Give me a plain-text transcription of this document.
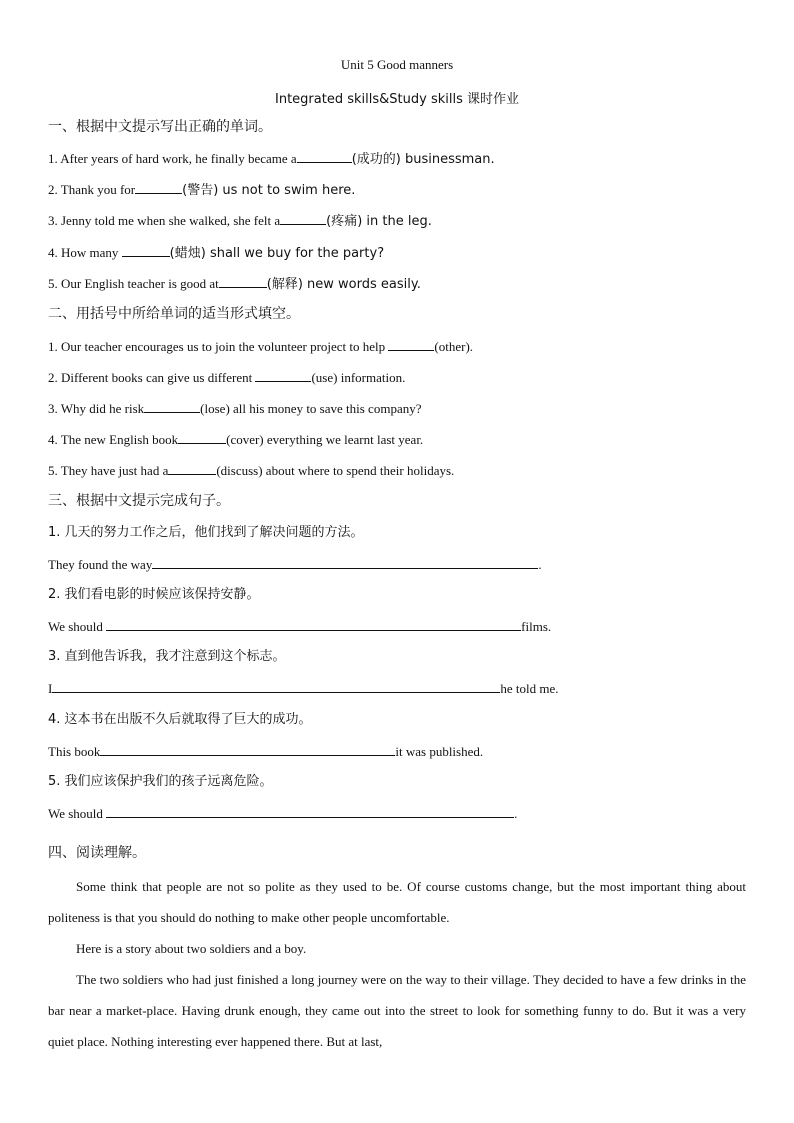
Unit 5 Good manners
Integrated skills&Study skills 课时作业
一、根据中文提示写出正确的单词。
1. After years of hard work, he finally became a	(成功的) businessman.
2. Thank you for	(警告) us not to swim here.
3. Jenny told me when she walked, she felt a	(疼痛) in the leg.
4. How many	(蜡烛) shall we buy for the party?
5. Our English teacher is good at	(解释) new words easily.
二、用括号中所给单词的适当形式填空。
1. Our teacher encourages us to join the volunteer project to help	(other).
2. Different books can give us different	(use) information.
3. Why did he risk	(lose) all his money to save this company?
4. The new English book	(cover) everything we learnt last year.
5. They have just had a	(discuss) about where to spend their holidays.
三、根据中文提示完成句子。
1. 几天的努力工作之后，他们找到了解决问题的方法。
They found the way	.
2. 我们看电影的时候应该保持安静。
We should	films.
3. 直到他告诉我，我才注意到这个标志。
I	he told me.
4. 这本书在出版不久后就取得了巨大的成功。
This book	it was published.
5. 我们应该保护我们的孩子远离危险。
We should	.
四、阅读理解。
Some think that people are not so polite as they used to be. Of course customs change, but the most important thing about politeness is that you should do nothing to make other people uncomfortable.
Here is a story about two soldiers and a boy.
The two soldiers who had just finished a long journey were on the way to their village. They decided to have a few drinks in the bar near a market-place. Having drunk enough, they came out into the street to look for something funny to do. But it was a very quiet place. Nothing interesting ever happened there. But at last,
